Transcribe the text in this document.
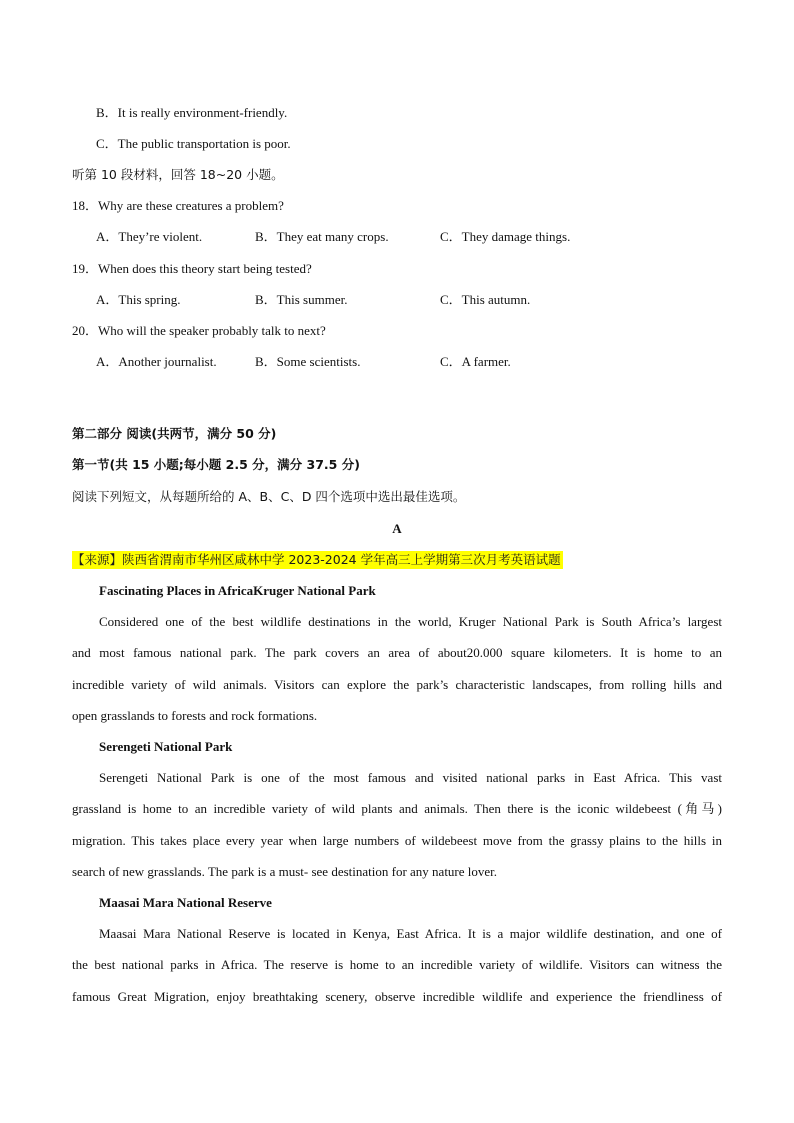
B．It is really environment-friendly.
C．The public transportation is poor.
听第 10 段材料，回答 18~20 小题。
18．Why are these creatures a problem?
A．They’re violent.	B．They eat many crops.	C．They damage things.
19．When does this theory start being tested?
A．This spring.	B．This summer.	C．This autumn.
20．Who will the speaker probably talk to next?
A．Another journalist.	B．Some scientists.	C．A farmer.
第二部分 阅读(共两节，满分 50 分)
第一节(共 15 小题;每小题 2.5 分，满分 37.5 分)
阅读下列短文，从每题所给的 A、B、C、D 四个选项中选出最佳选项。
A
【来源】陕西省渭南市华州区咸林中学 2023-2024 学年高三上学期第三次月考英语试题
Fascinating Places in AfricaKruger National Park
Considered one of the best wildlife destinations in the world, Kruger National Park is South Africa’s largest
and most famous national park. The park covers an area of about20.000 square kilometers. It is home to an
incredible variety of wild animals. Visitors can explore the park’s characteristic landscapes, from rolling hills and
open grasslands to forests and rock formations.
Serengeti National Park
Serengeti National Park is one of the most famous and visited national parks in East Africa. This vast
grassland is home to an incredible variety of wild plants and animals. Then there is the iconic wildebeest (角马)
migration. This takes place every year when large numbers of wildebeest move from the grassy plains to the hills in
search of new grasslands. The park is a must- see destination for any nature lover.
Maasai Mara National Reserve
Maasai Mara National Reserve is located in Kenya, East Africa. It is a major wildlife destination, and one of
the best national parks in Africa. The reserve is home to an incredible variety of wildlife. Visitors can witness the
famous Great Migration, enjoy breathtaking scenery, observe incredible wildlife and experience the friendliness of
